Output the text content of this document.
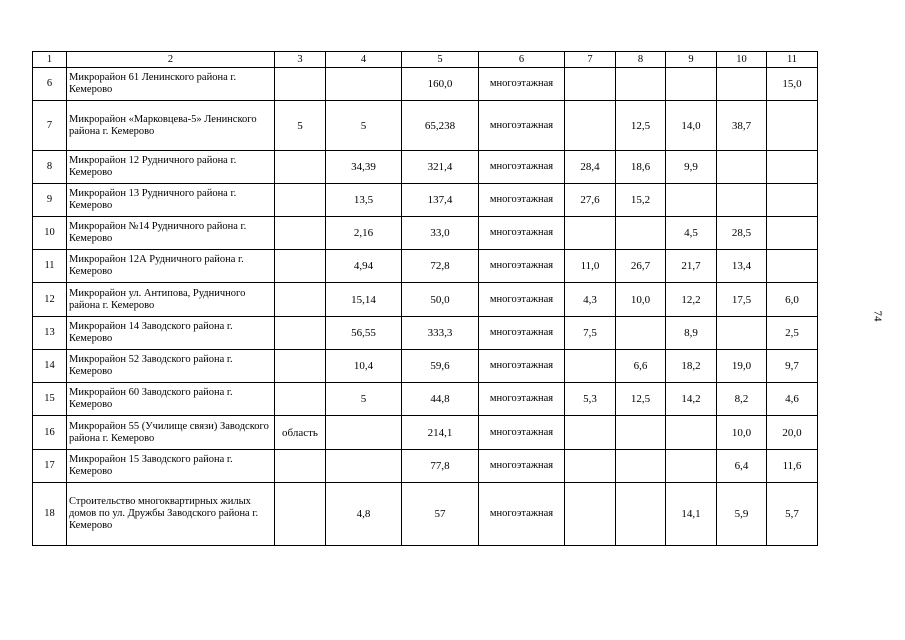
1	2	3	4	5	6	7	8	9	10	11
6	Микрорайон 61 Ленинского района г. Кемерово			160,0	многоэтажная					15,0
7	Микрорайон «Марковцева-5» Ленинского района г. Кемерово	5	5	65,238	многоэтажная		12,5	14,0	38,7	
8	Микрорайон 12 Рудничного района г. Кемерово		34,39	321,4	многоэтажная	28,4	18,6	9,9		
9	Микрорайон 13 Рудничного района г. Кемерово		13,5	137,4	многоэтажная	27,6	15,2			
10	Микрорайон №14 Рудничного района г. Кемерово		2,16	33,0	многоэтажная			4,5	28,5	
11	Микрорайон 12А Рудничного района г. Кемерово		4,94	72,8	многоэтажная	11,0	26,7	21,7	13,4	
12	Микрорайон ул. Антипова, Рудничного района г. Кемерово		15,14	50,0	многоэтажная	4,3	10,0	12,2	17,5	6,0
13	Микрорайон 14 Заводского района г. Кемерово		56,55	333,3	многоэтажная	7,5		8,9		2,5
14	Микрорайон 52 Заводского района г. Кемерово		10,4	59,6	многоэтажная		6,6	18,2	19,0	9,7
15	Микрорайон 60 Заводского района г. Кемерово		5	44,8	многоэтажная	5,3	12,5	14,2	8,2	4,6
16	Микрорайон 55 (Училище связи) Заводского района г. Кемерово	область		214,1	многоэтажная				10,0	20,0
17	Микрорайон 15 Заводского района г. Кемерово			77,8	многоэтажная				6,4	11,6
18	Строительство многоквартирных жилых домов по ул. Дружбы Заводского района г. Кемерово		4,8	57	многоэтажная			14,1	5,9	5,7
74
